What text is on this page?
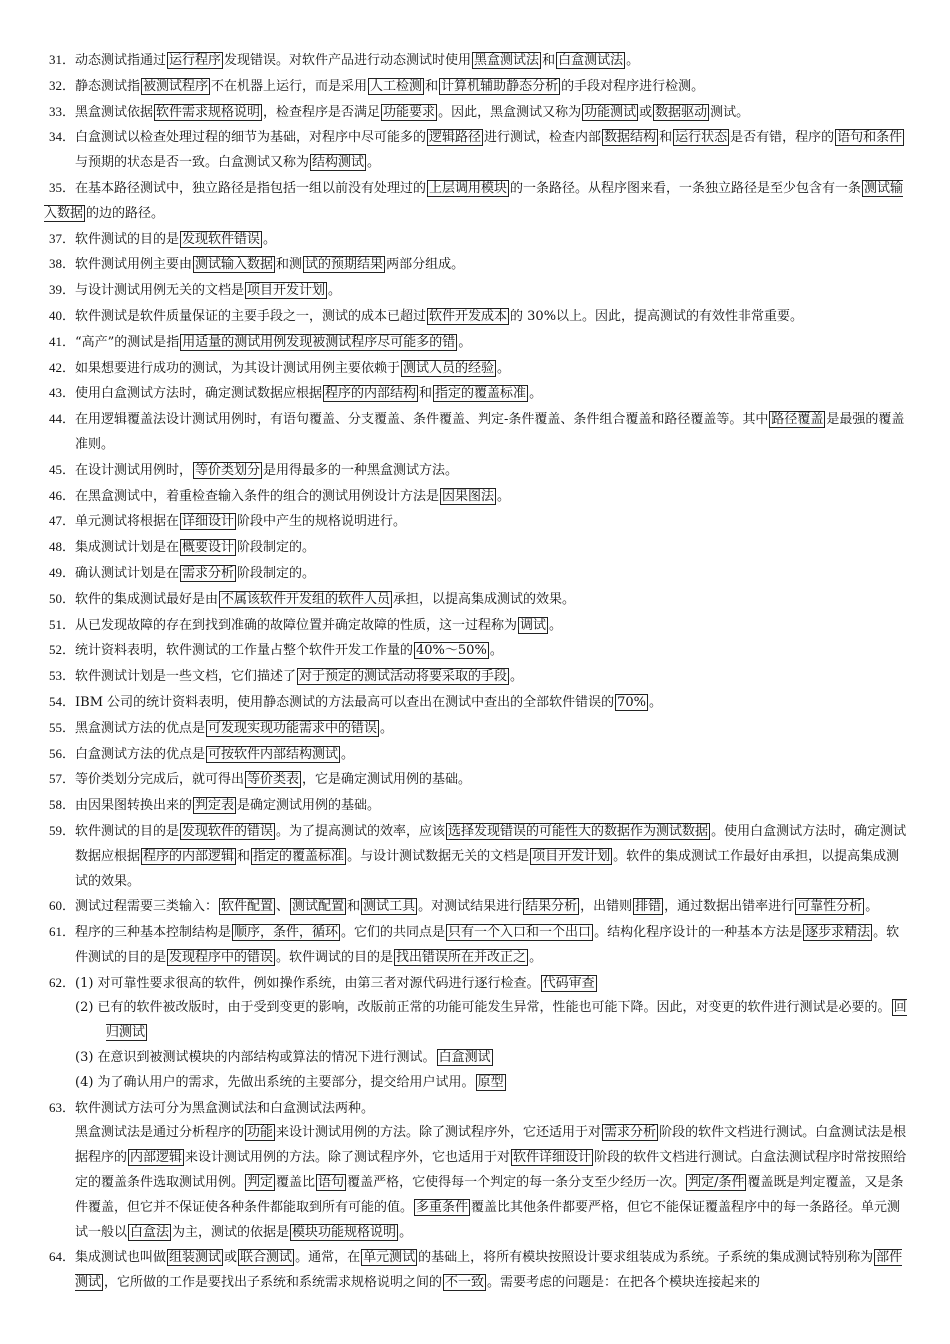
31．动态测试指通过 运行程序 发现错误。对软件产品进行动态测试时使用 黑盒测试法 和 白盒测试法 。

32．静态测试指 被测试程序 不在机器上运行，而是采用 人工检测 和 计算机辅助静态分析 的手段对程序进行检测。

33．黑盒测试依据 软件需求规格说明 ，检查程序是否满足 功能要求 。因此，黑盒测试又称为 功能测试 或 数据驱动 测试。

34．白盒测试以检查处理过程的细节为基础，对程序中尽可能多的 逻辑路径 进行测试，检查内部 数据结构 和 运行状态 是否有错，程序的 语句和条件与预期的状态是否一致。白盒测试又称为 结构测试 。

35．在基本路径测试中，独立路径是指包括一组以前没有处理过的 上层调用模块 的一条路径。从程序图来看，一条独立路径是至少包含有一条 测试输入数据 的边的路径。

37．软件测试的目的是 发现软件错误 。

38．软件测试用例主要由 测试输入数据 和测 试的预期结果 两部分组成。

39．与设计测试用例无关的文档是 项目开发计划 。

40．软件测试是软件质量保证的主要手段之一，测试的成本已超过 软件开发成本 的 30%以上。因此，提高测试的有效性非常重要。

41．“高产”的测试是指 用适量的测试用例发现被测试程序尽可能多的错 。

42．如果想要进行成功的测试，为其设计测试用例主要依赖于 测试人员的经验 。

43．使用白盒测试方法时，确定测试数据应根据 程序的内部结构 和 指定的覆盖标准 。

44．在用逻辑覆盖法设计测试用例时，有语句覆盖、分支覆盖、条件覆盖、判定-条件覆盖、条件组合覆盖和路径覆盖等。其中 路径覆盖 是最强的覆盖准则。

45．在设计测试用例时， 等价类划分 是用得最多的一种黑盒测试方法。

46．在黑盒测试中，着重检查输入条件的组合的测试用例设计方法是 因果图法 。

47．单元测试将根据在 详细设计 阶段中产生的规格说明进行。

48．集成测试计划是在 概要设计 阶段制定的。

49．确认测试计划是在 需求分析 阶段制定的。

50．软件的集成测试最好是由 不属该软件开发组的软件人员 承担，以提高集成测试的效果。

51．从已发现故障的存在到找到准确的故障位置并确定故障的性质，这一过程称为 调试 。

52．统计资料表明，软件测试的工作量占整个软件开发工作量的 40%～50% 。

53．软件测试计划是一些文档，它们描述了 对于预定的测试活动将要采取的手段 。

54．IBM 公司的统计资料表明，使用静态测试的方法最高可以查出在测试中查出的全部软件错误的 70% 。

55．黑盒测试方法的优点是 可发现实现功能需求中的错误 。

56．白盒测试方法的优点是 可按软件内部结构测试 。

57．等价类划分完成后，就可得出 等价类表 ，它是确定测试用例的基础。

58．由因果图转换出来的 判定表 是确定测试用例的基础。

59．软件测试的目的是 发现软件的错误 。为了提高测试的效率，应该 选择发现错误的可能性大的数据作为测试数据 。使用白盒测试方法时，确定测试数据应根据 程序的内部逻辑 和 指定的覆盖标准 。与设计测试数据无关的文档是 项目开发计划 。软件的集成测试工作最好由承担，以提高集成测试的效果。

60．测试过程需要三类输入： 软件配置 、 测试配置 和 测试工具 。对测试结果进行 结果分析 ，出错则 排错 ，通过数据出错率进行 可靠性分析 。

61．程序的三种基本控制结构是 顺序，条件，循环 。它们的共同点是 只有一个入口和一个出口 。结构化程序设计的一种基本方法是 逐步求精法 。软件测试的目的是 发现程序中的错误 。软件调试的目的是 找出错误所在并改正之 。

62．(1) 对可靠性要求很高的软件，例如操作系统，由第三者对源代码进行逐行检查。 代码审查

(2) 已有的软件被改版时，由于受到变更的影响，改版前正常的功能可能发生异常，性能也可能下降。因此，对变更的软件进行测试是必要的。 回归测试

(3) 在意识到被测试模块的内部结构或算法的情况下进行测试。 白盒测试

(4) 为了确认用户的需求，先做出系统的主要部分，提交给用户试用。 原型

63．软件测试方法可分为黑盒测试法和白盒测试法两种。

黑盒测试法是通过分析程序的 功能 来设计测试用例的方法。除了测试程序外，它还适用于对 需求分析 阶段的软件文档进行测试。白盒测试法是根据程序的 内部逻辑 来设计测试用例的方法。除了测试程序外，它也适用于对 软件详细设计 阶段的软件文档进行测试。白盒法测试程序时常按照给定的覆盖条件选取测试用例。 判定 覆盖比 语句 覆盖严格，它使得每一个判定的每一条分支至少经历一次。 判定/条件 覆盖既是判定覆盖，又是条件覆盖，但它并不保证使各种条件都能取到所有可能的值。 多重条件 覆盖比其他条件都要严格，但它不能保证覆盖程序中的每一条路径。单元测试一般以 白盒法 为主，测试的依据是 模块功能规格说明 。

64．集成测试也叫做 组装测试 或 联合测试 。通常，在 单元测试 的基础上，将所有模块按照设计要求组装成为系统。子系统的集成测试特别称为 部件测试 ，它所做的工作是要找出子系统和系统需求规格说明之间的 不一致 。需要考虑的问题是：在把各个模块连接起来的
